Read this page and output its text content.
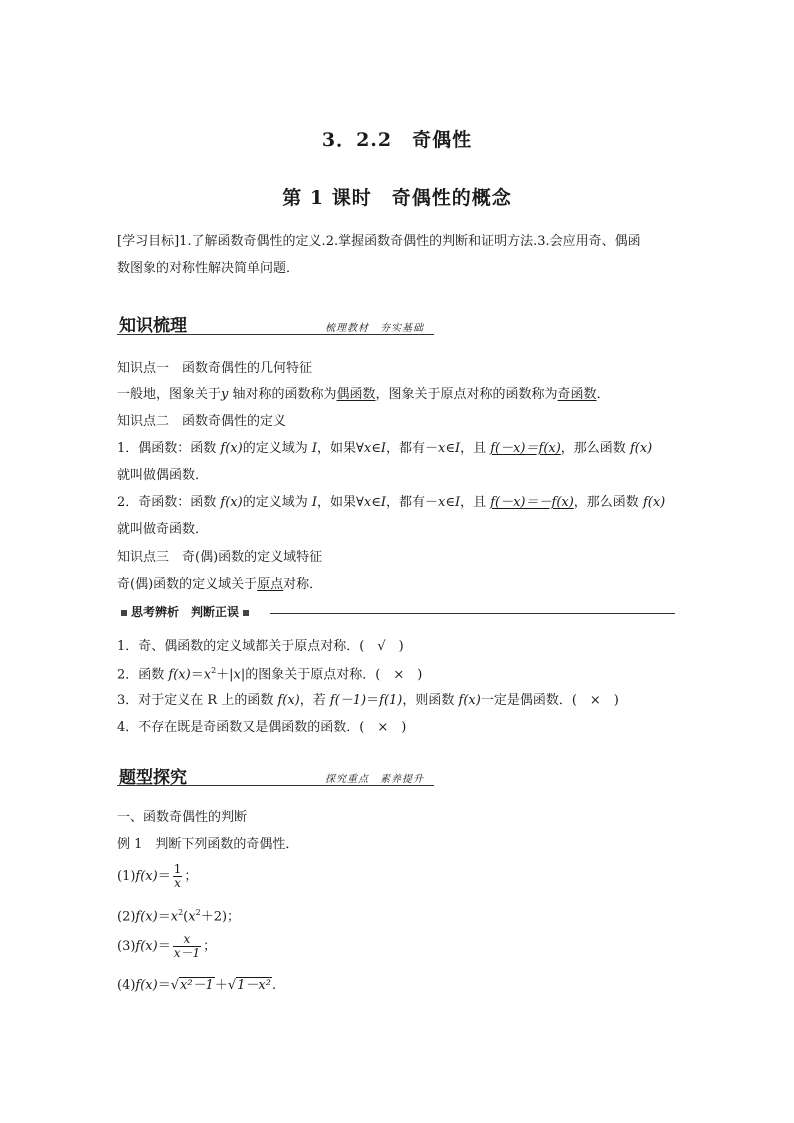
3．2.2　奇偶性
第 1 课时　奇偶性的概念
[学习目标]1.了解函数奇偶性的定义.2.掌握函数奇偶性的判断和证明方法.3.会应用奇、偶函
数图象的对称性解决简单问题．
知识梳理	梳理教材　夯实基础
知识点一　函数奇偶性的几何特征
一般地，图象关于y 轴对称的函数称为偶函数，图象关于原点对称的函数称为奇函数．
知识点二　函数奇偶性的定义
1．偶函数：函数 f(x)的定义域为 I，如果∀x∈I，都有－x∈I，且 f(－x)＝f(x)，那么函数 f(x)
就叫做偶函数．
2．奇函数：函数 f(x)的定义域为 I，如果∀x∈I，都有－x∈I，且 f(－x)＝－f(x)，那么函数 f(x)
就叫做奇函数．
知识点三　奇(偶)函数的定义域特征
奇(偶)函数的定义域关于原点对称．
思考辨析　判断正误
1．奇、偶函数的定义域都关于原点对称．(　√　)
2．函数 $f(x)=x^2+|x|$的图象关于原点对称．(　×　)
3．对于定义在 R 上的函数 f(x)，若 f(－1)＝f(1)，则函数 f(x)一定是偶函数．(　×　)
4．不存在既是奇函数又是偶函数的函数．(　×　)
题型探究	探究重点　素养提升
一、函数奇偶性的判断
例 1　判断下列函数的奇偶性．
$(1)f(x)= \frac{1}{x}$ ；
$(2)f(x)=x^2(x^2+2)$；
$(3)f(x)= \frac{x}{x-1}$ ；
(4)f(x)＝√x²－1＋√1－x².
